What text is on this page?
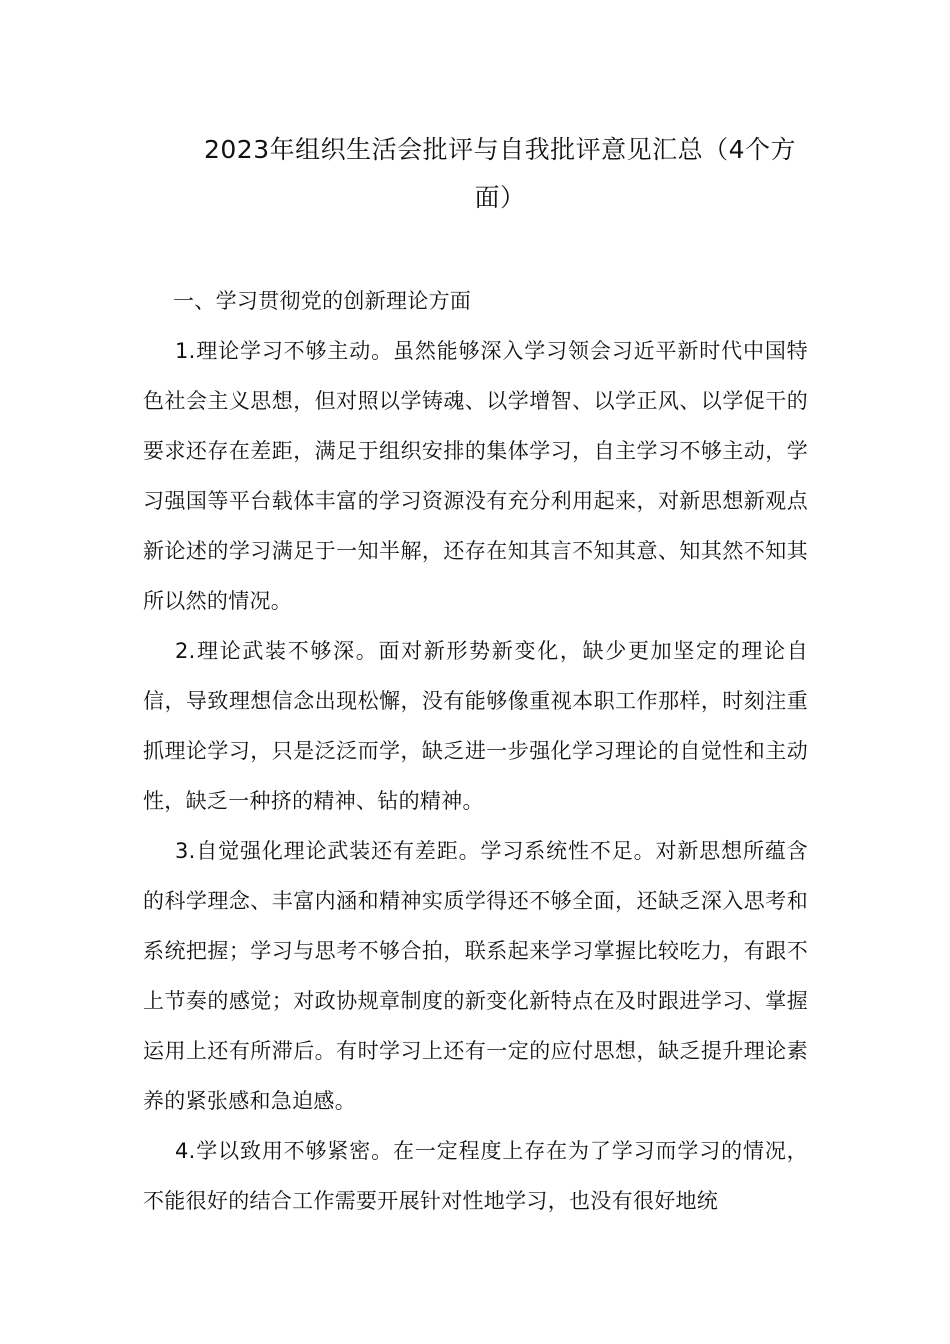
2023年组织生活会批评与自我批评意见汇总（4个方
面）

一、学习贯彻党的创新理论方面

1.理论学习不够主动。虽然能够深入学习领会习近平新时代中国特色社会主义思想，但对照以学铸魂、以学增智、以学正风、以学促干的要求还存在差距，满足于组织安排的集体学习，自主学习不够主动，学习强国等平台载体丰富的学习资源没有充分利用起来，对新思想新观点新论述的学习满足于一知半解，还存在知其言不知其意、知其然不知其所以然的情况。

2.理论武装不够深。面对新形势新变化，缺少更加坚定的理论自信，导致理想信念出现松懈，没有能够像重视本职工作那样，时刻注重抓理论学习，只是泛泛而学，缺乏进一步强化学习理论的自觉性和主动性，缺乏一种挤的精神、钻的精神。

3.自觉强化理论武装还有差距。学习系统性不足。对新思想所蕴含的科学理念、丰富内涵和精神实质学得还不够全面，还缺乏深入思考和系统把握；学习与思考不够合拍，联系起来学习掌握比较吃力，有跟不上节奏的感觉；对政协规章制度的新变化新特点在及时跟进学习、掌握运用上还有所滞后。有时学习上还有一定的应付思想，缺乏提升理论素养的紧张感和急迫感。

4.学以致用不够紧密。在一定程度上存在为了学习而学习的情况，不能很好的结合工作需要开展针对性地学习，也没有很好地统
